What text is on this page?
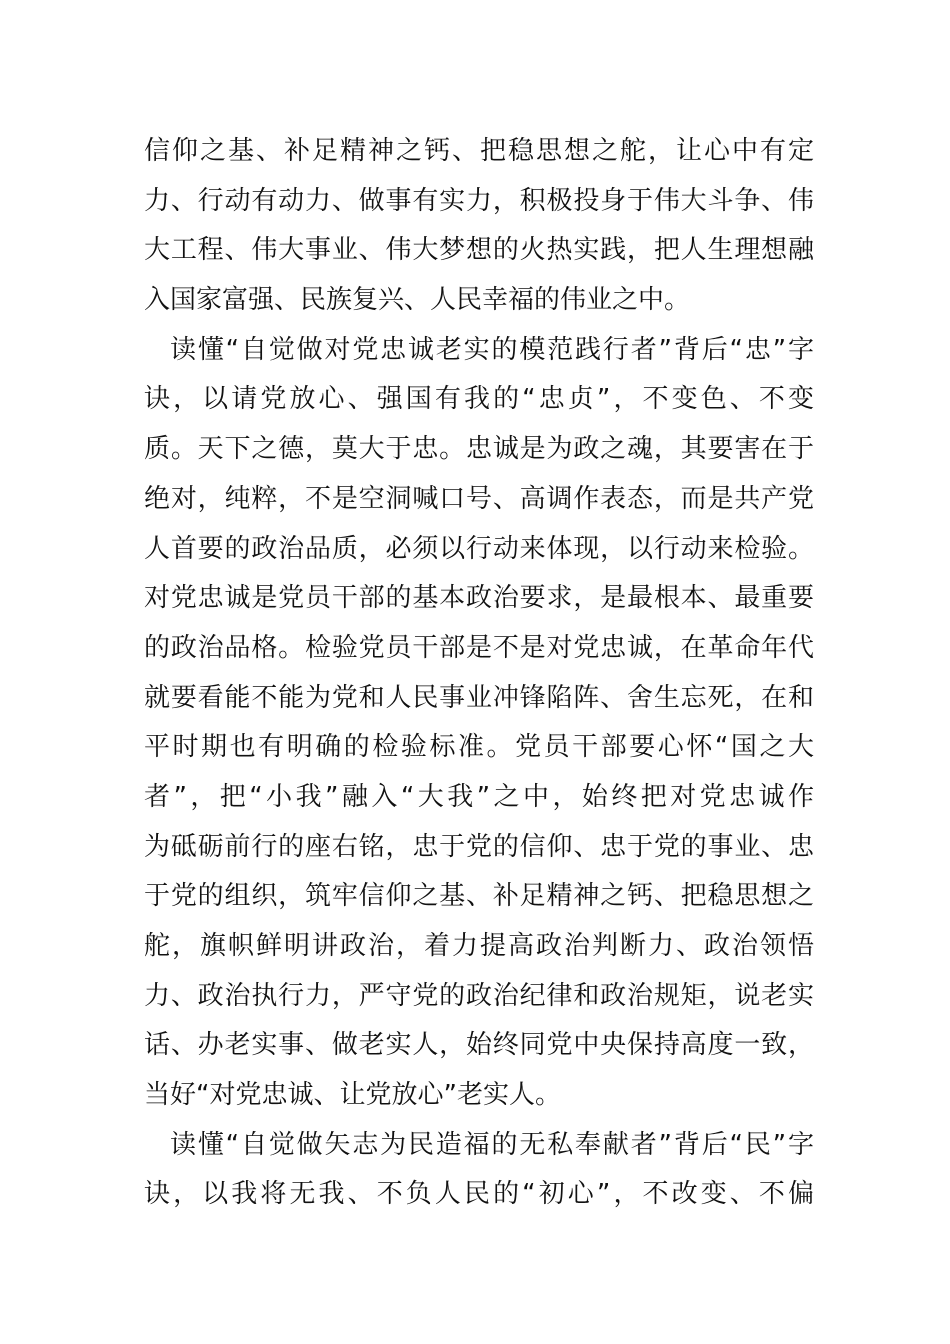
信仰之基、补足精神之钙、把稳思想之舵，让心中有定
力、行动有动力、做事有实力，积极投身于伟大斗争、伟
大工程、伟大事业、伟大梦想的火热实践，把人生理想融
入国家富强、民族复兴、人民幸福的伟业之中。
读懂“自觉做对党忠诚老实的模范践行者”背后“忠”字
诀，以请党放心、强国有我的“忠贞”，不变色、不变
质。天下之德，莫大于忠。忠诚是为政之魂，其要害在于
绝对，纯粹，不是空洞喊口号、高调作表态，而是共产党
人首要的政治品质，必须以行动来体现，以行动来检验。
对党忠诚是党员干部的基本政治要求，是最根本、最重要
的政治品格。检验党员干部是不是对党忠诚，在革命年代
就要看能不能为党和人民事业冲锋陷阵、舍生忘死，在和
平时期也有明确的检验标准。党员干部要心怀“国之大
者”，把“小我”融入“大我”之中，始终把对党忠诚作
为砥砺前行的座右铭，忠于党的信仰、忠于党的事业、忠
于党的组织，筑牢信仰之基、补足精神之钙、把稳思想之
舵，旗帜鲜明讲政治，着力提高政治判断力、政治领悟
力、政治执行力，严守党的政治纪律和政治规矩，说老实
话、办老实事、做老实人，始终同党中央保持高度一致，
当好“对党忠诚、让党放心”老实人。
读懂“自觉做矢志为民造福的无私奉献者”背后“民”字
诀，以我将无我、不负人民的“初心”，不改变、不偏
